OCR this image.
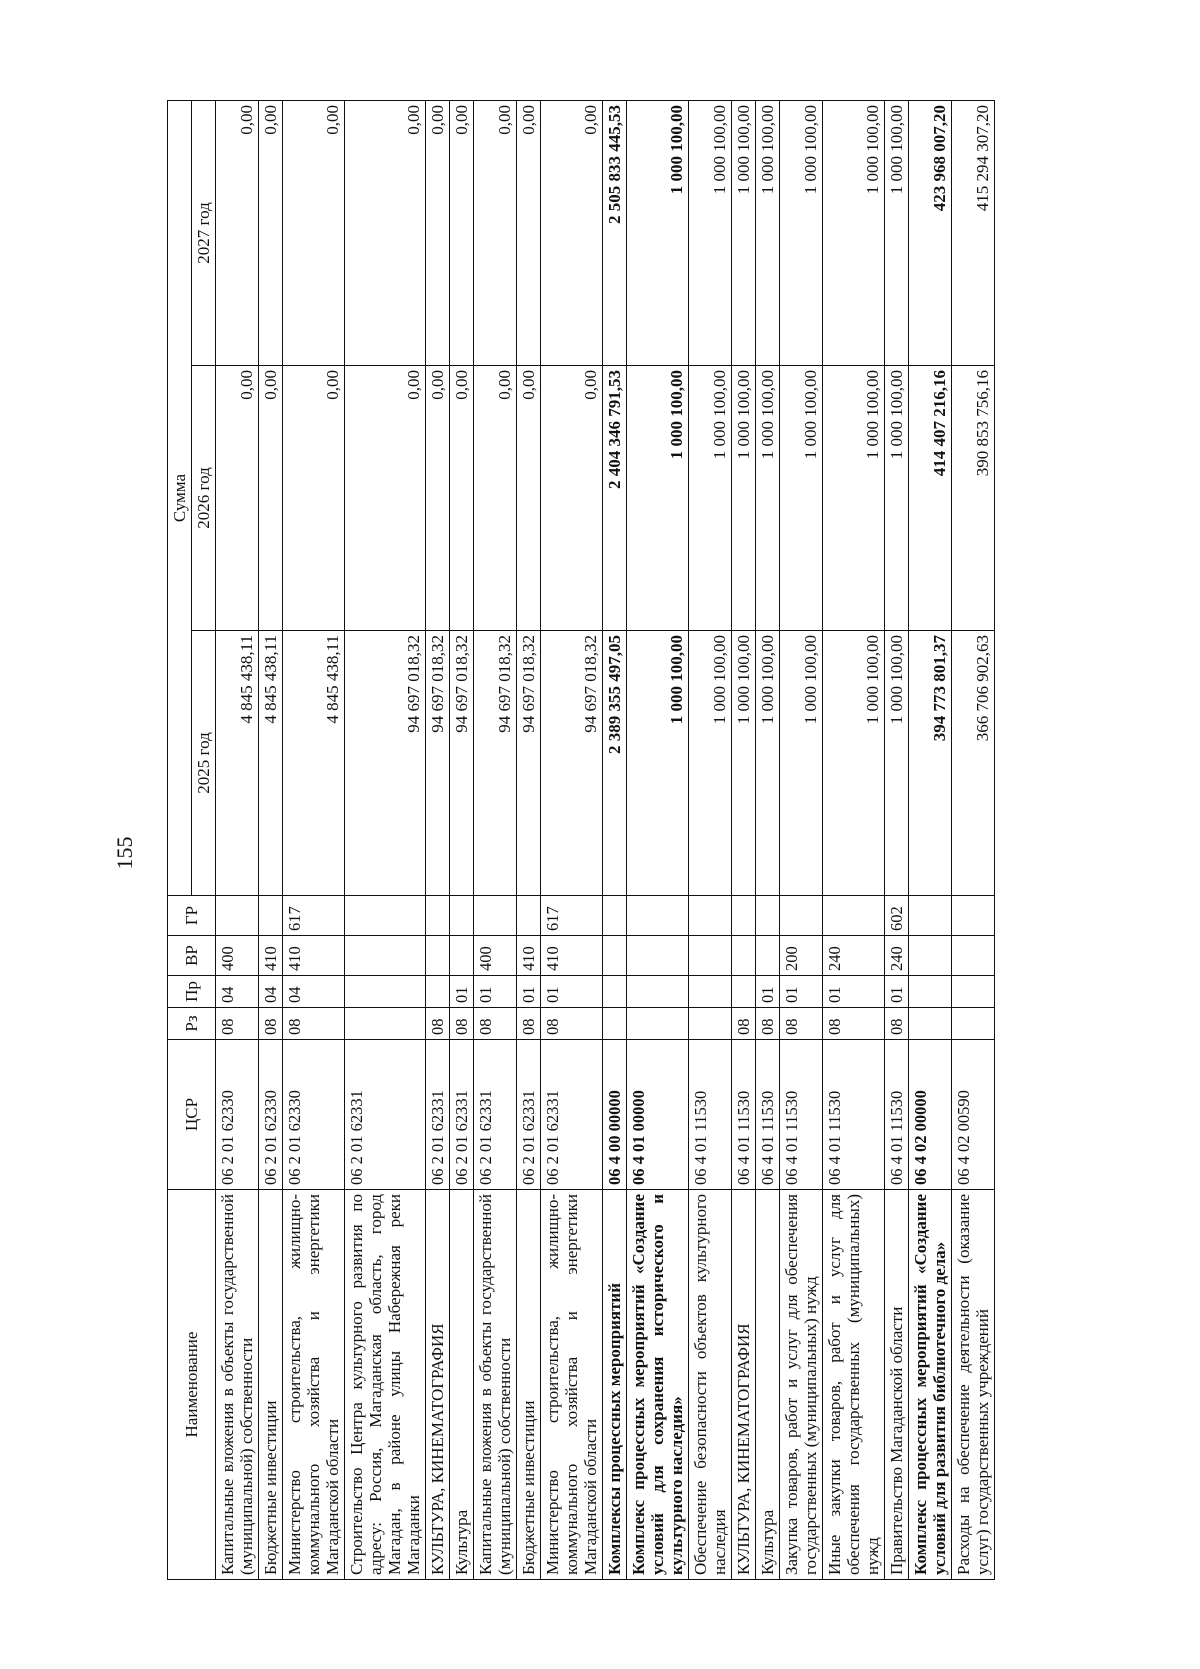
155
Наименование	ЦСР	Рз	Пр	ВР	ГР	Сумма		
						2025 год	2026 год	2027 год
Капитальные вложения в объекты государственной (муниципальной) собственности	06 2 01 62330	08	04	400		4 845 438,11	0,00	0,00
Бюджетные инвестиции	06 2 01 62330	08	04	410		4 845 438,11	0,00	0,00
Министерство строительства, жилищно-коммунального хозяйства и энергетики Магаданской области	06 2 01 62330	08	04	410	617	4 845 438,11	0,00	0,00
Строительство Центра культурного развития по адресу: Россия, Магаданская область, город Магадан, в районе улицы Набережная реки Магаданки	06 2 01 62331					94 697 018,32	0,00	0,00
КУЛЬТУРА, КИНЕМАТОГРАФИЯ	06 2 01 62331	08				94 697 018,32	0,00	0,00
Культура	06 2 01 62331	08	01			94 697 018,32	0,00	0,00
Капитальные вложения в объекты государственной (муниципальной) собственности	06 2 01 62331	08	01	400		94 697 018,32	0,00	0,00
Бюджетные инвестиции	06 2 01 62331	08	01	410		94 697 018,32	0,00	0,00
Министерство строительства, жилищно-коммунального хозяйства и энергетики Магаданской области	06 2 01 62331	08	01	410	617	94 697 018,32	0,00	0,00
Комплексы процессных мероприятий	06 4 00 00000					2 389 355 497,05	2 404 346 791,53	2 505 833 445,53
Комплекс процессных мероприятий «Создание условий для сохранения исторического и культурного наследия»	06 4 01 00000					1 000 100,00	1 000 100,00	1 000 100,00
Обеспечение безопасности объектов культурного наследия	06 4 01 11530					1 000 100,00	1 000 100,00	1 000 100,00
КУЛЬТУРА, КИНЕМАТОГРАФИЯ	06 4 01 11530	08				1 000 100,00	1 000 100,00	1 000 100,00
Культура	06 4 01 11530	08	01			1 000 100,00	1 000 100,00	1 000 100,00
Закупка товаров, работ и услуг для обеспечения государственных (муниципальных) нужд	06 4 01 11530	08	01	200		1 000 100,00	1 000 100,00	1 000 100,00
Иные закупки товаров, работ и услуг для обеспечения государственных (муниципальных) нужд	06 4 01 11530	08	01	240		1 000 100,00	1 000 100,00	1 000 100,00
Правительство Магаданской области	06 4 01 11530	08	01	240	602	1 000 100,00	1 000 100,00	1 000 100,00
Комплекс процессных мероприятий «Создание условий для развития библиотечного дела»	06 4 02 00000					394 773 801,37	414 407 216,16	423 968 007,20
Расходы на обеспечение деятельности (оказание услуг) государственных учреждений	06 4 02 00590					366 706 902,63	390 853 756,16	415 294 307,20
